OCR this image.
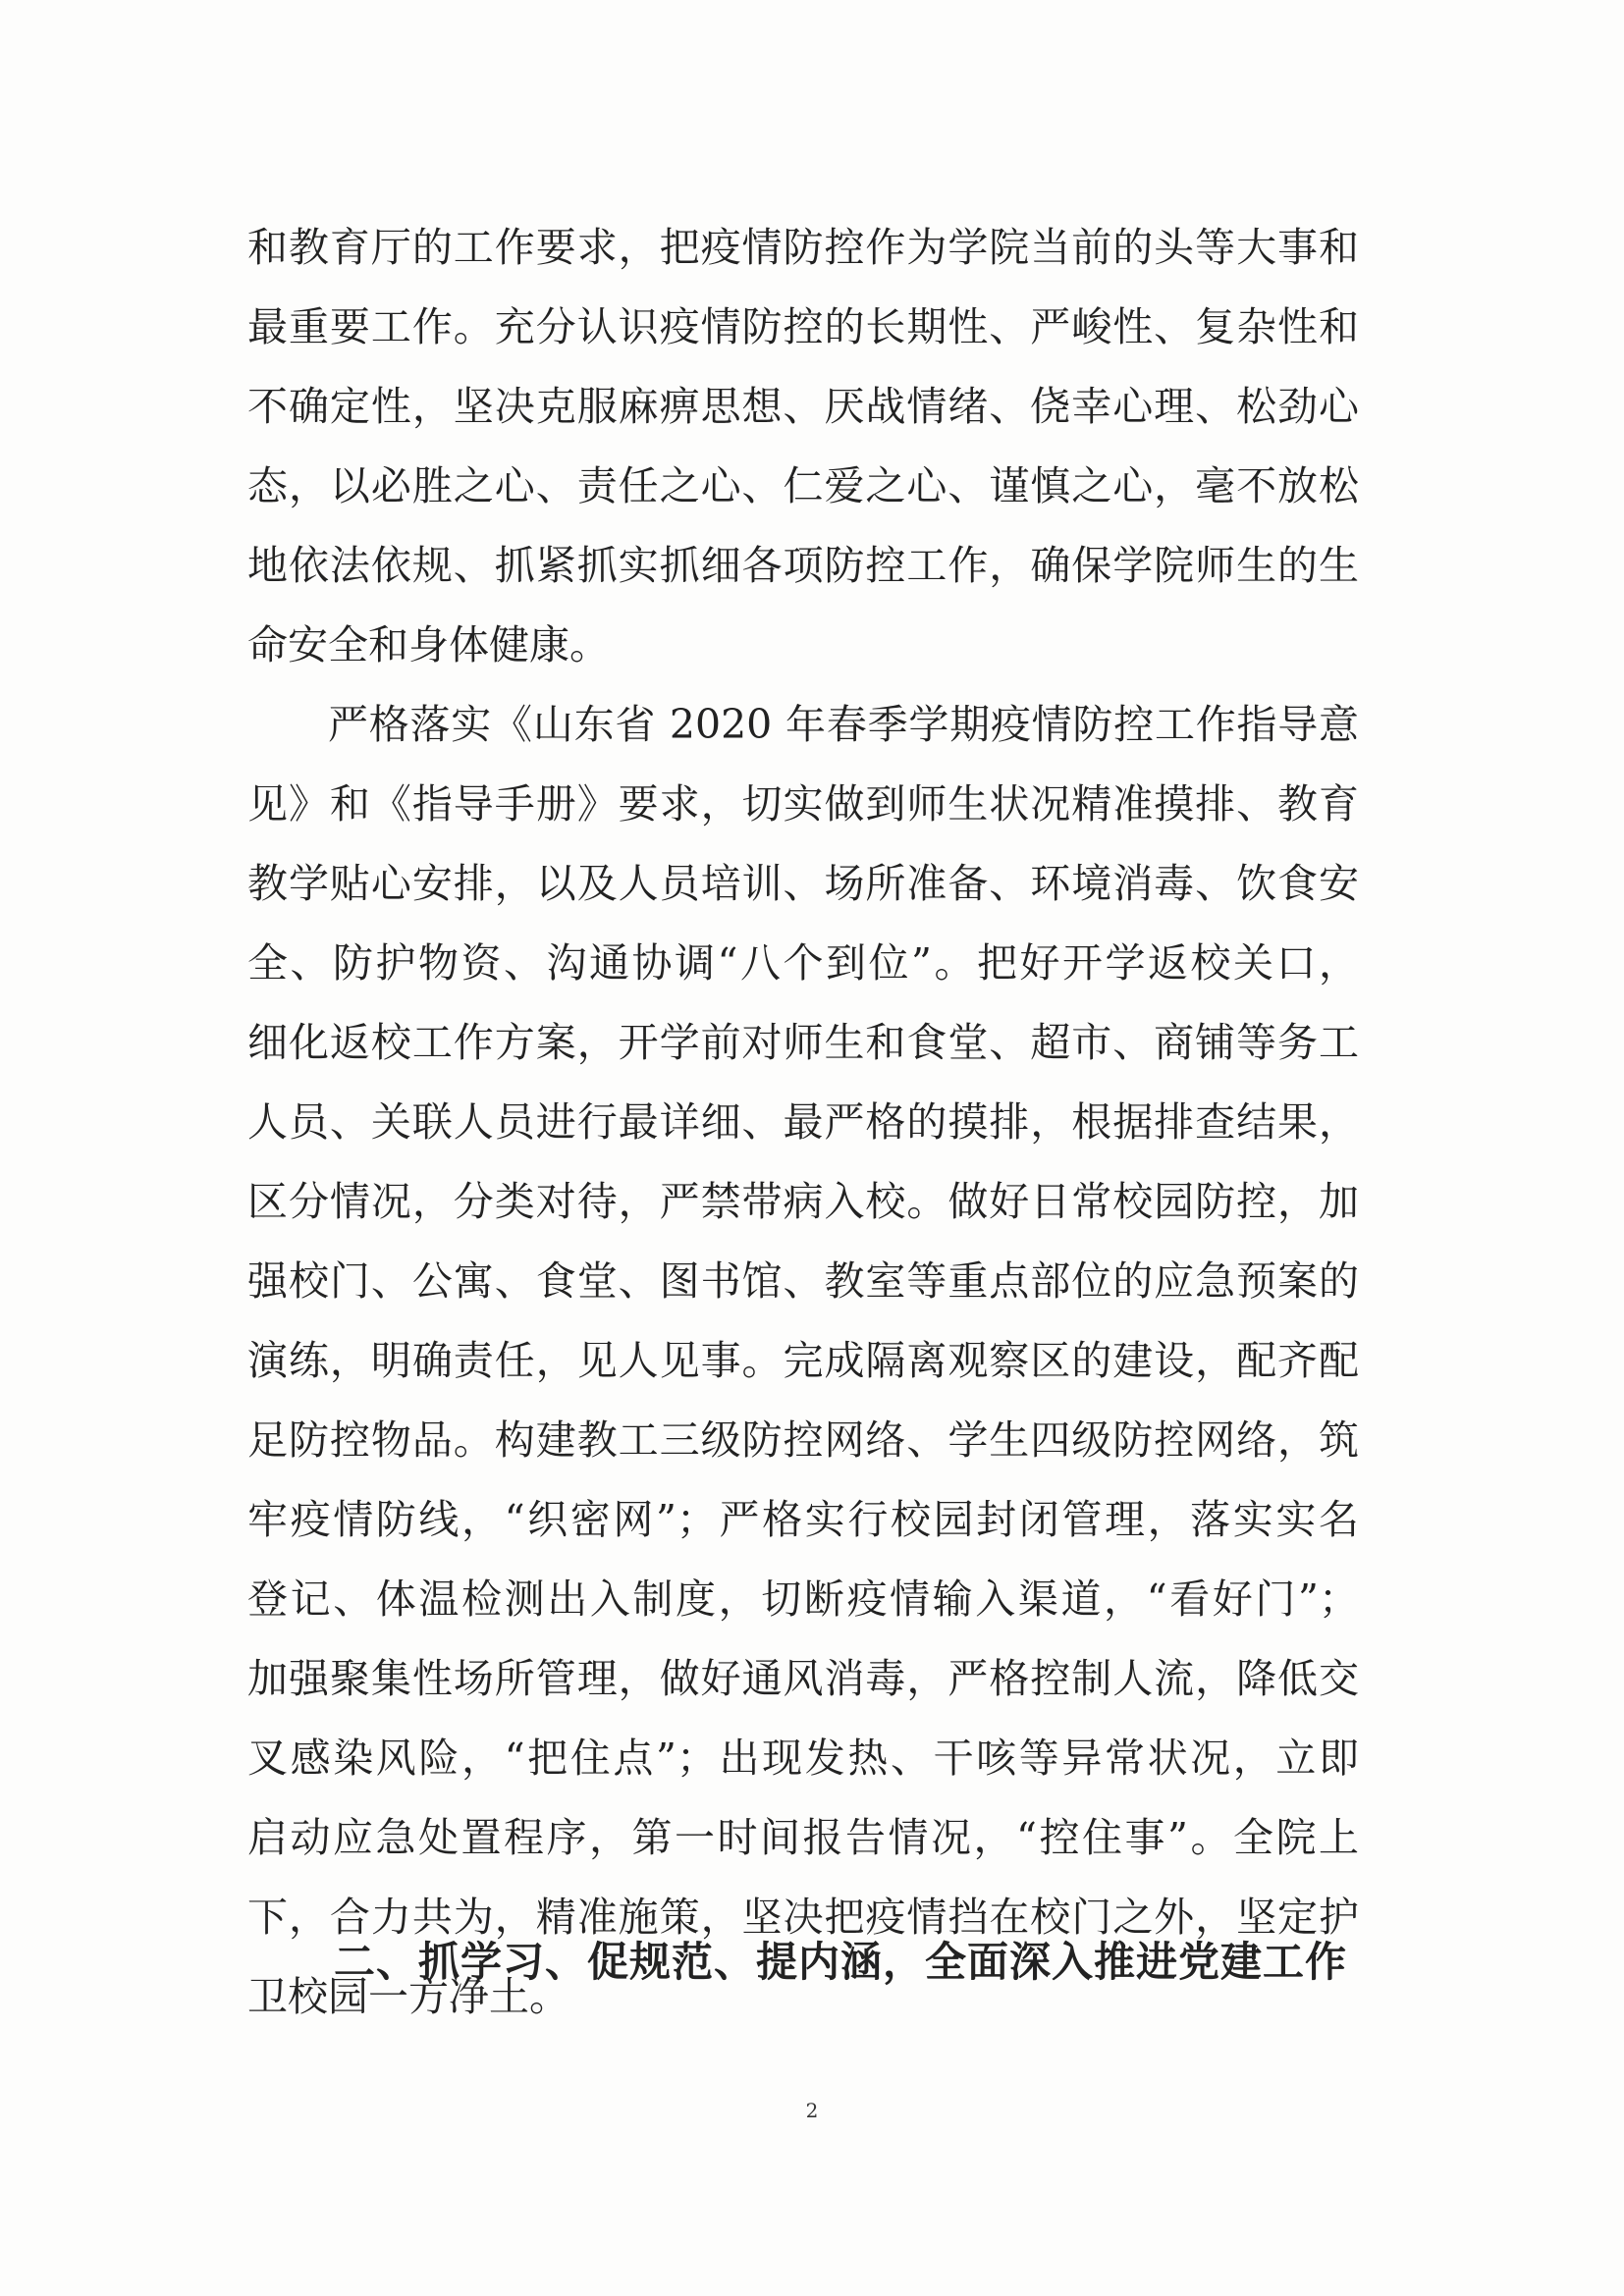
和教育厅的工作要求，把疫情防控作为学院当前的头等大事和
最重要工作。充分认识疫情防控的长期性、严峻性、复杂性和
不确定性，坚决克服麻痹思想、厌战情绪、侥幸心理、松劲心
态，以必胜之心、责任之心、仁爱之心、谨慎之心，毫不放松
地依法依规、抓紧抓实抓细各项防控工作，确保学院师生的生
命安全和身体健康。
严格落实《山东省 2020 年春季学期疫情防控工作指导意
见》和《指导手册》要求，切实做到师生状况精准摸排、教育
教学贴心安排，以及人员培训、场所准备、环境消毒、饮食安
全、防护物资、沟通协调“八个到位”。把好开学返校关口，
细化返校工作方案，开学前对师生和食堂、超市、商铺等务工
人员、关联人员进行最详细、最严格的摸排，根据排查结果，
区分情况，分类对待，严禁带病入校。做好日常校园防控，加
强校门、公寓、食堂、图书馆、教室等重点部位的应急预案的
演练，明确责任，见人见事。完成隔离观察区的建设，配齐配
足防控物品。构建教工三级防控网络、学生四级防控网络，筑
牢疫情防线，“织密网”；严格实行校园封闭管理，落实实名
登记、体温检测出入制度，切断疫情输入渠道，“看好门”；
加强聚集性场所管理，做好通风消毒，严格控制人流，降低交
叉感染风险，“把住点”；出现发热、干咳等异常状况，立即
启动应急处置程序，第一时间报告情况，“控住事”。全院上
下，合力共为，精准施策，坚决把疫情挡在校门之外，坚定护
卫校园一方净土。
二、抓学习、促规范、提内涵，全面深入推进党建工作
2
